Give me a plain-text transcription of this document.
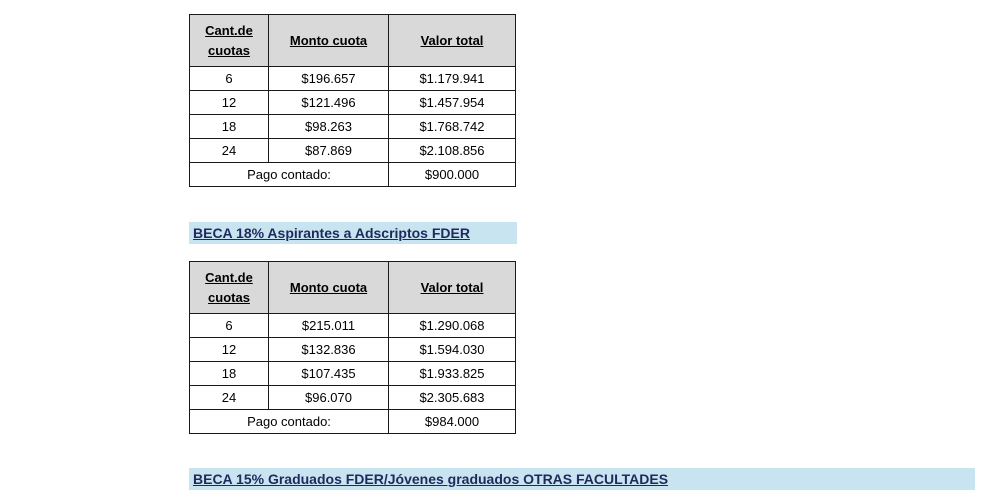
Cant.de cuotas	Monto cuota	Valor total
6	$196.657	$1.179.941
12	$121.496	$1.457.954
18	$98.263	$1.768.742
24	$87.869	$2.108.856
Pago contado:		$900.000
BECA 18% Aspirantes a Adscriptos FDER
Cant.de cuotas	Monto cuota	Valor total
6	$215.011	$1.290.068
12	$132.836	$1.594.030
18	$107.435	$1.933.825
24	$96.070	$2.305.683
Pago contado:		$984.000
BECA 15% Graduados FDER/Jóvenes graduados OTRAS FACULTADES
